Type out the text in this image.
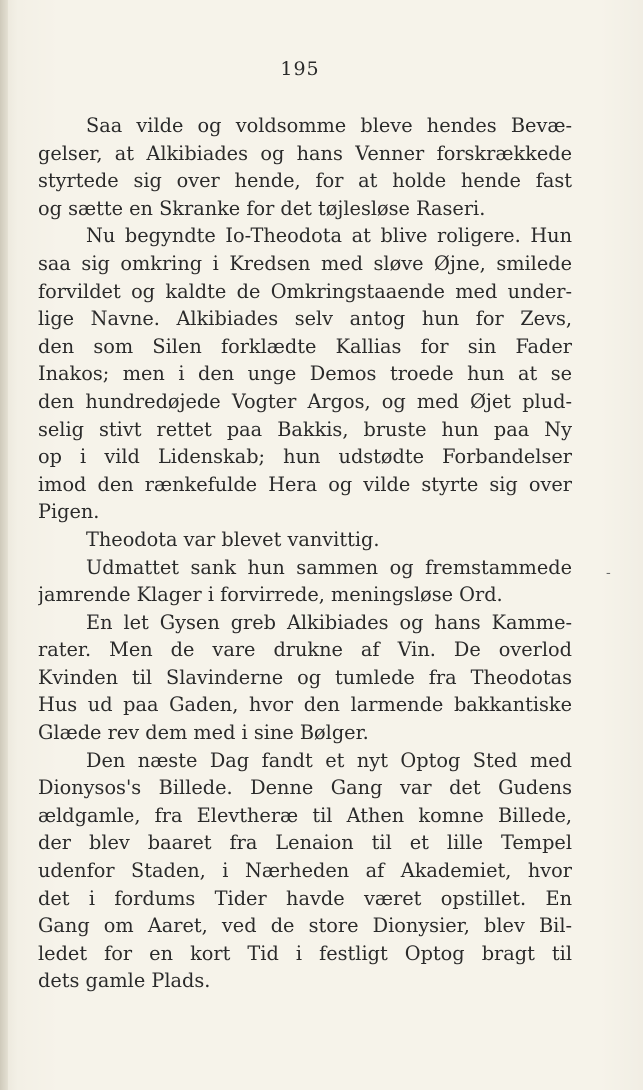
195
Saa vilde og voldsomme bleve hendes Bevæ-
gelser, at Alkibiades og hans Venner forskrækkede
styrtede sig over hende, for at holde hende fast
og sætte en Skranke for det tøjlesløse Raseri.
Nu begyndte Io-Theodota at blive roligere. Hun
saa sig omkring i Kredsen med sløve Øjne, smilede
forvildet og kaldte de Omkringstaaende med under-
lige Navne. Alkibiades selv antog hun for Zevs,
den som Silen forklædte Kallias for sin Fader
Inakos; men i den unge Demos troede hun at se
den hundredøjede Vogter Argos, og med Øjet plud-
selig stivt rettet paa Bakkis, bruste hun paa Ny
op i vild Lidenskab; hun udstødte Forbandelser
imod den rænkefulde Hera og vilde styrte sig over
Pigen.
Theodota var blevet vanvittig.
Udmattet sank hun sammen og fremstammede
jamrende Klager i forvirrede, meningsløse Ord.
En let Gysen greb Alkibiades og hans Kamme-
rater. Men de vare drukne af Vin. De overlod
Kvinden til Slavinderne og tumlede fra Theodotas
Hus ud paa Gaden, hvor den larmende bakkantiske
Glæde rev dem med i sine Bølger.
Den næste Dag fandt et nyt Optog Sted med
Dionysos's Billede. Denne Gang var det Gudens
ældgamle, fra Elevtheræ til Athen komne Billede,
der blev baaret fra Lenaion til et lille Tempel
udenfor Staden, i Nærheden af Akademiet, hvor
det i fordums Tider havde været opstillet. En
Gang om Aaret, ved de store Dionysier, blev Bil-
ledet for en kort Tid i festligt Optog bragt til
dets gamle Plads.
-
